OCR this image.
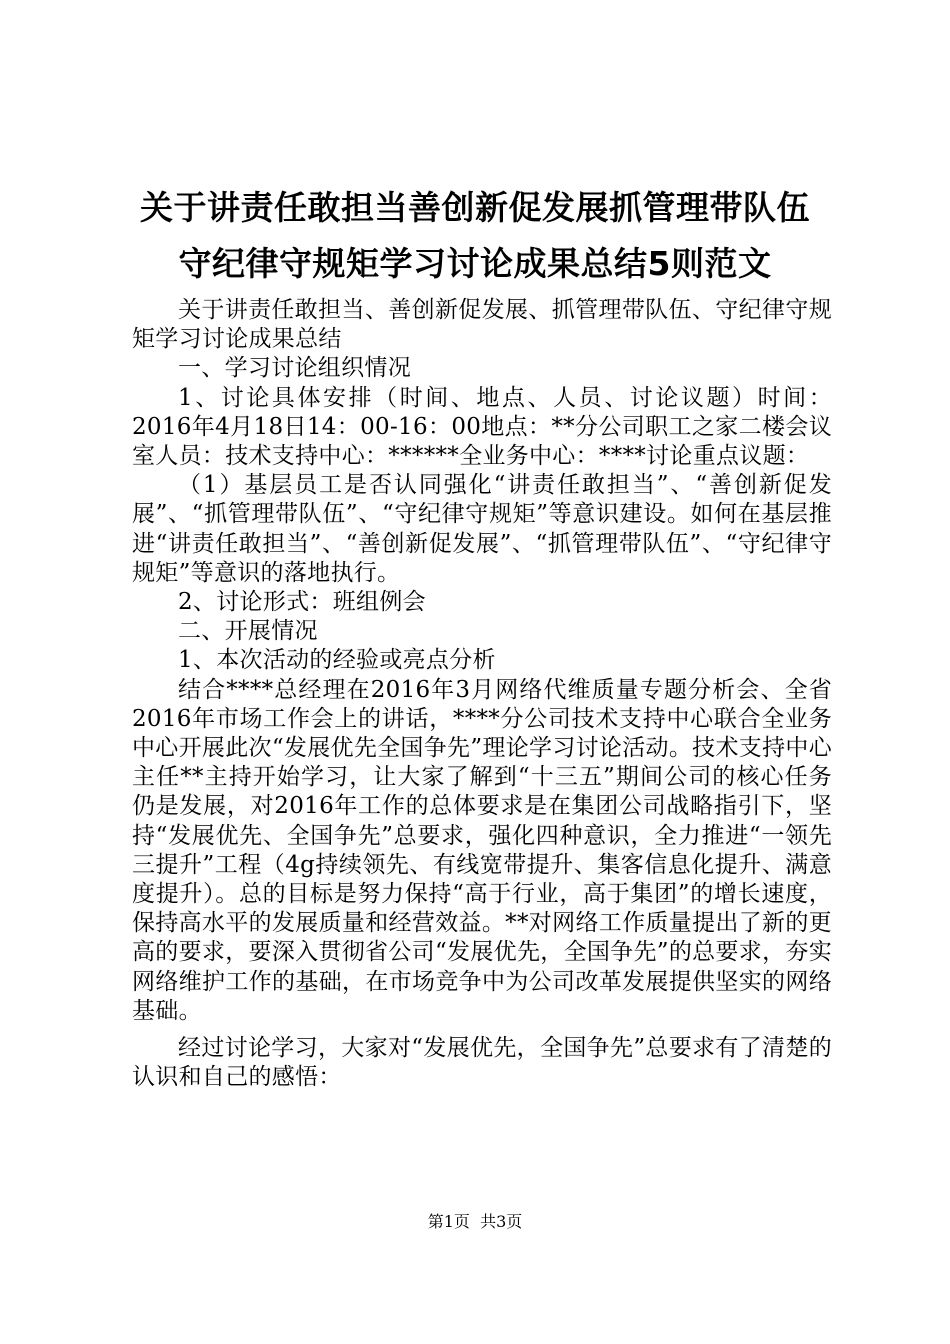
关于讲责任敢担当善创新促发展抓管理带队伍
守纪律守规矩学习讨论成果总结5则范文

关于讲责任敢担当、善创新促发展、抓管理带队伍、守纪律守规矩学习讨论成果总结

一、学习讨论组织情况

1、讨论具体安排（时间、地点、人员、讨论议题）时间：2016年4月18日14：00-16：00地点：**分公司职工之家二楼会议室人员：技术支持中心：******全业务中心：****讨论重点议题：

（1）基层员工是否认同强化“讲责任敢担当”、“善创新促发展”、“抓管理带队伍”、“守纪律守规矩”等意识建设。如何在基层推进“讲责任敢担当”、“善创新促发展”、“抓管理带队伍”、“守纪律守规矩”等意识的落地执行。

2、讨论形式：班组例会

二、开展情况

1、本次活动的经验或亮点分析

结合****总经理在2016年3月网络代维质量专题分析会、全省2016年市场工作会上的讲话，****分公司技术支持中心联合全业务中心开展此次“发展优先全国争先”理论学习讨论活动。技术支持中心主任**主持开始学习，让大家了解到“十三五”期间公司的核心任务仍是发展，对2016年工作的总体要求是在集团公司战略指引下，坚持“发展优先、全国争先”总要求，强化四种意识，全力推进“一领先三提升”工程（4g持续领先、有线宽带提升、集客信息化提升、满意度提升）。总的目标是努力保持“高于行业，高于集团”的增长速度，保持高水平的发展质量和经营效益。**对网络工作质量提出了新的更高的要求，要深入贯彻省公司“发展优先，全国争先”的总要求，夯实网络维护工作的基础，在市场竞争中为公司改革发展提供坚实的网络基础。

经过讨论学习，大家对“发展优先，全国争先”总要求有了清楚的认识和自己的感悟：

第1页  共3页
